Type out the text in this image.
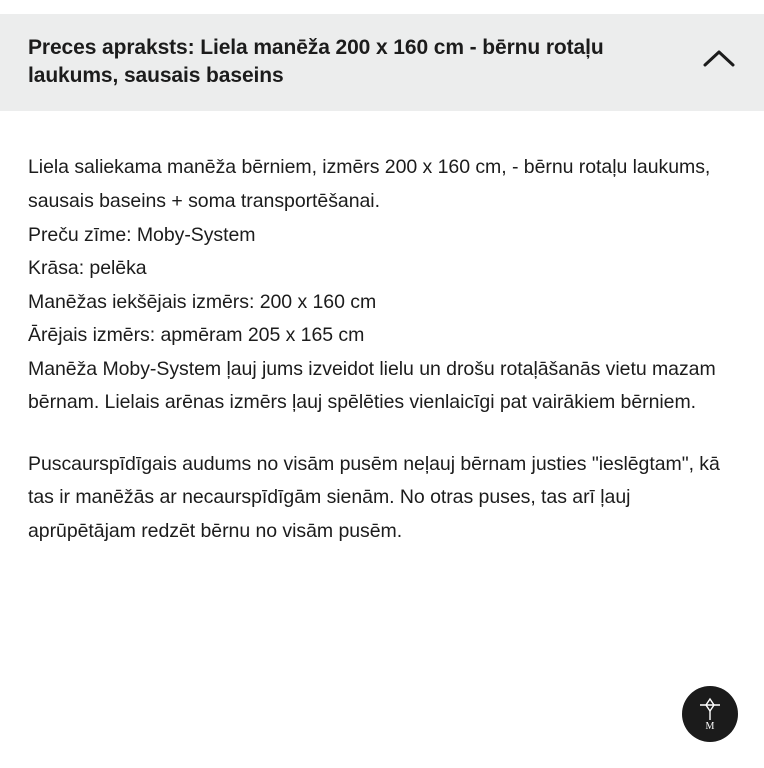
Preces apraksts: Liela manēža 200 x 160 cm - bērnu rotaļu laukums, sausais baseins

Liela saliekama manēža bērniem, izmērs 200 x 160 cm, - bērnu rotaļu laukums, sausais baseins + soma transportēšanai.

Preču zīme: Moby-System

Krāsa: pelēka

Manēžas iekšējais izmērs: 200 x 160 cm

Ārējais izmērs: apmēram 205 x 165 cm

Manēža Moby-System ļauj jums izveidot lielu un drošu rotaļāšanās vietu mazam bērnam. Lielais arēnas izmērs ļauj spēlēties vienlaicīgi pat vairākiem bērniem.

Puscaurspīdīgais audums no visām pusēm neļauj bērnam justies "ieslēgtam", kā tas ir manēžās ar necaurspīdīgām sienām. No otras puses, tas arī ļauj aprūpētājam redzēt bērnu no visām pusēm.

M
